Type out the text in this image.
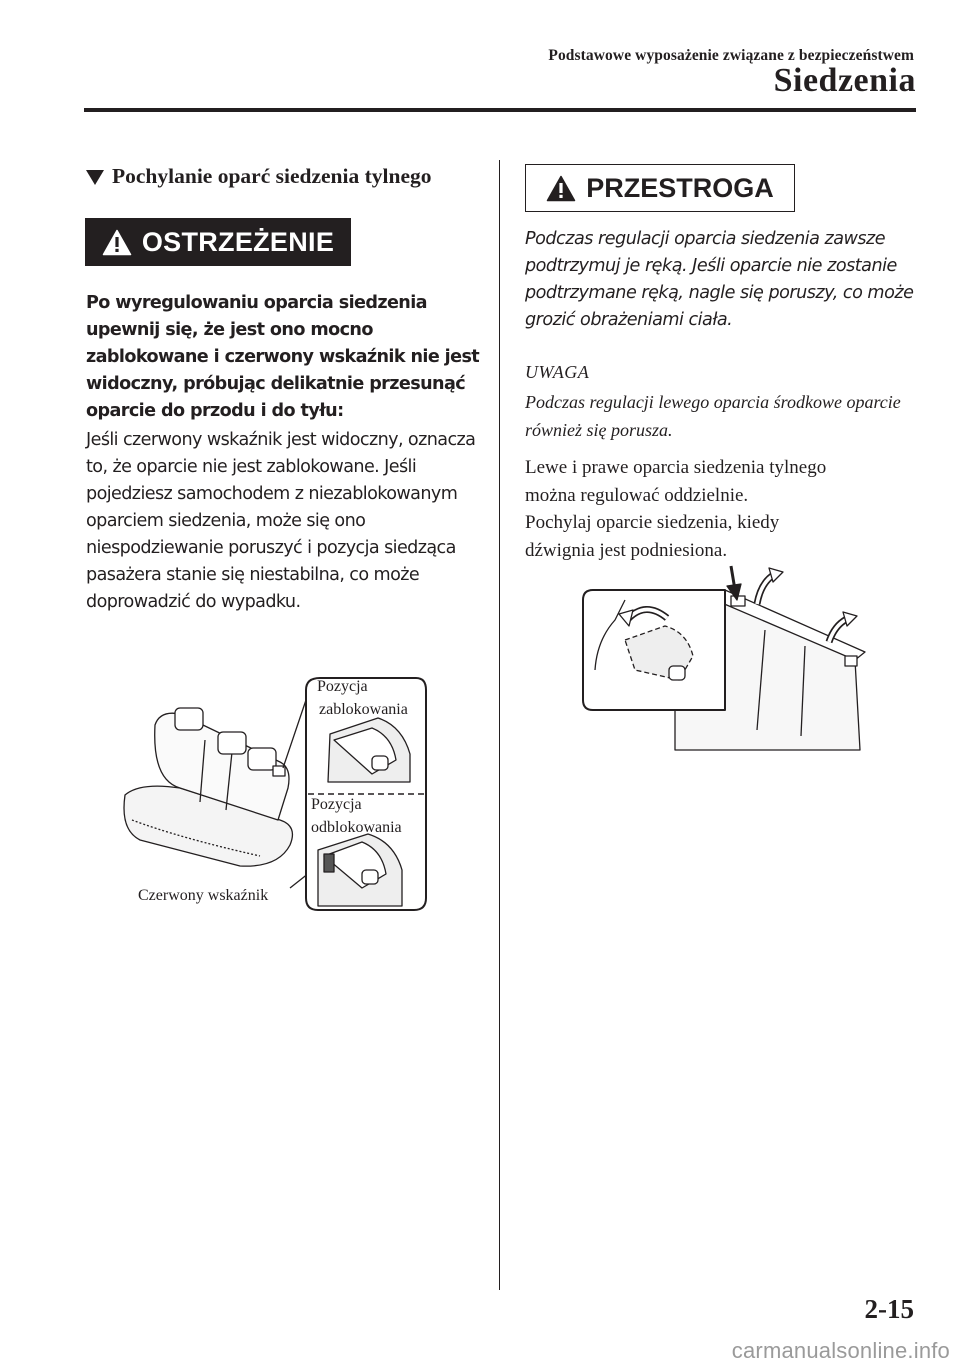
Podstawowe wyposażenie związane z bezpieczeństwem
Siedzenia
Pochylanie oparć siedzenia tylnego
OSTRZEŻENIE
Po wyregulowaniu oparcia siedzenia upewnij się, że jest ono mocno zablokowane i czerwony wskaźnik nie jest widoczny, próbując delikatnie przesunąć oparcie do przodu i do tyłu:
Jeśli czerwony wskaźnik jest widoczny, oznacza to, że oparcie nie jest zablokowane. Jeśli pojedziesz samochodem z niezablokowanym oparciem siedzenia, może się ono niespodziewanie poruszyć i pozycja siedząca pasażera stanie się niestabilna, co może doprowadzić do wypadku.
Pozycja
zablokowania
Pozycja
odblokowania
Czerwony wskaźnik
PRZESTROGA
Podczas regulacji oparcia siedzenia zawsze podtrzymuj je ręką. Jeśli oparcie nie zostanie podtrzymane ręką, nagle się poruszy, co może grozić obrażeniami ciała.
UWAGA
Podczas regulacji lewego oparcia środkowe oparcie również się porusza.
Lewe i prawe oparcia siedzenia tylnego
można regulować oddzielnie.
Pochylaj oparcie siedzenia, kiedy
dźwignia jest podniesiona.
2-15
carmanualsonline.info
